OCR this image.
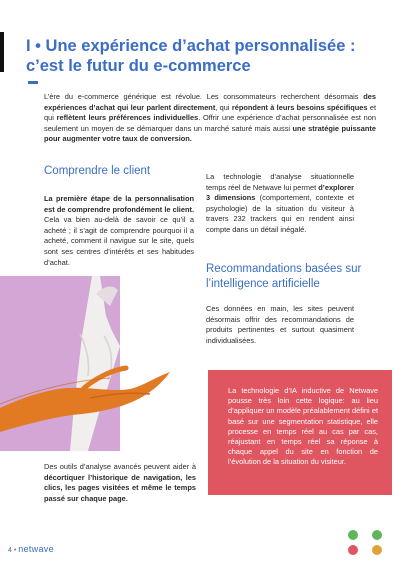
I • Une expérience d’achat personnalisée :
c’est le futur du e-commerce
L’ère du e-commerce générique est révolue. Les consommateurs recherchent désormais des expériences d’achat qui leur parlent directement, qui répondent à leurs besoins spécifiques et qui reflètent leurs préférences individuelles. Offrir une expérience d’achat personnalisée est non seulement un moyen de se démarquer dans un marché saturé mais aussi une stratégie puissante pour augmenter votre taux de conversion.
Comprendre le client
La première étape de la personnalisation est de comprendre profondément le client. Cela va bien au-delà de savoir ce qu’il a acheté ; il s’agit de comprendre pourquoi il a acheté, comment il navigue sur le site, quels sont ses centres d’intérêts et ses habitudes d’achat.
Des outils d’analyse avancés peuvent aider à décortiquer l’historique de navigation, les clics, les pages visitées et même le temps passé sur chaque page.
La technologie d’analyse situationnelle temps réel de Netwave lui permet d’explorer 3 dimensions (comportement, contexte et psychologie) de la situation du visiteur à travers 232 trackers qui en rendent ainsi compte dans un détail inégalé.
Recommandations basées sur
l’intelligence artificielle
Ces données en main, les sites peuvent désormais offrir des recommandations de produits pertinentes et surtout quasiment individualisées.
La technologie d’IA inductive de Netwave pousse très loin cette logique: au lieu d’appliquer un modèle préalablement défini et basé sur une segmentation statistique, elle processe en temps réel au cas par cas, réajustant en temps réel sa réponse à chaque appel du site en fonction de l’évolution de la situation du visiteur.
4 • netwave
